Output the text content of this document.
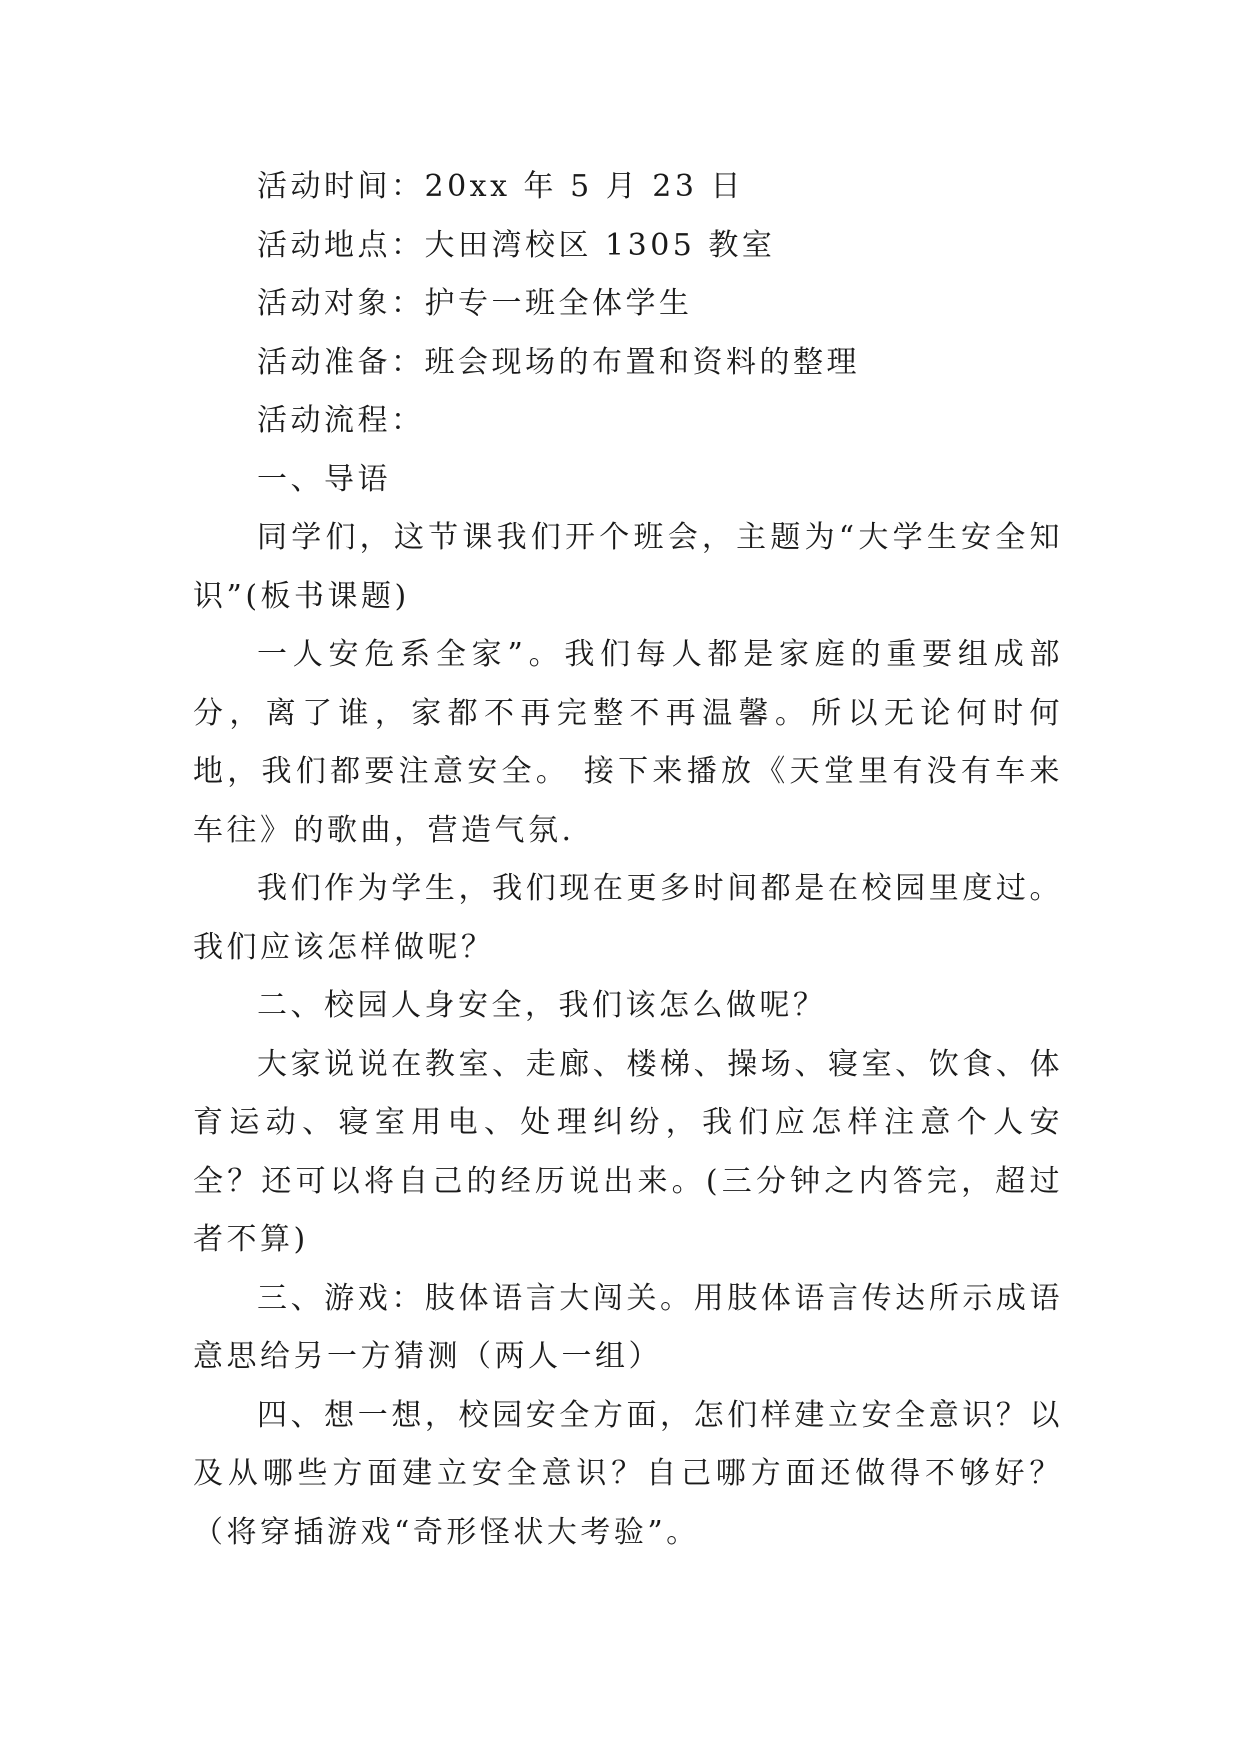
活动时间：20xx 年 5 月 23 日

活动地点：大田湾校区 1305 教室

活动对象：护专一班全体学生

活动准备：班会现场的布置和资料的整理

活动流程：

一、导语

同学们，这节课我们开个班会，主题为“大学生安全知识”(板书课题)

一人安危系全家”。我们每人都是家庭的重要组成部分，离了谁，家都不再完整不再温馨。所以无论何时何地，我们都要注意安全。 接下来播放《天堂里有没有车来车往》的歌曲，营造气氛.

我们作为学生，我们现在更多时间都是在校园里度过。我们应该怎样做呢？

二、校园人身安全，我们该怎么做呢？

大家说说在教室、走廊、楼梯、操场、寝室、饮食、体育运动、寝室用电、处理纠纷，我们应怎样注意个人安全？还可以将自己的经历说出来。(三分钟之内答完，超过者不算)

三、游戏：肢体语言大闯关。用肢体语言传达所示成语意思给另一方猜测（两人一组）

四、想一想，校园安全方面，怎们样建立安全意识？以及从哪些方面建立安全意识？自己哪方面还做得不够好？（将穿插游戏“奇形怪状大考验”。
